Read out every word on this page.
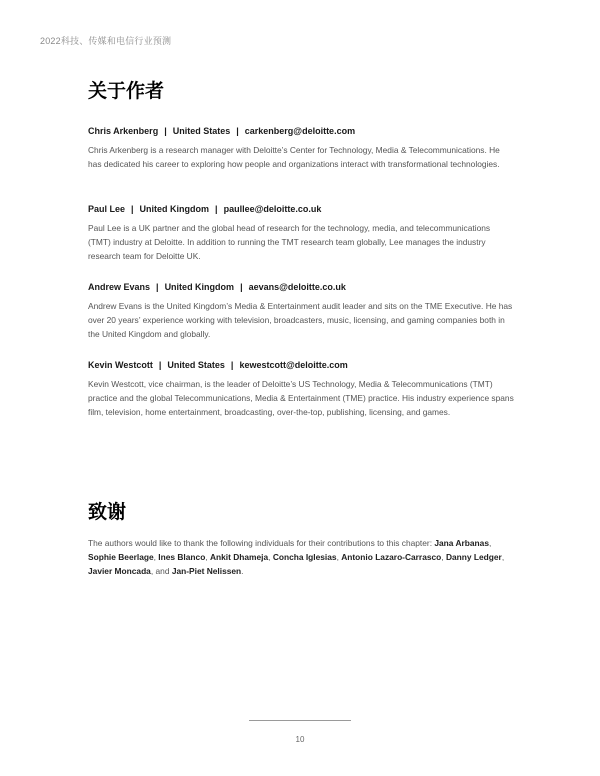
2022科技、传媒和电信行业预测
关于作者
Chris Arkenberg | United States | carkenberg@deloitte.com
Chris Arkenberg is a research manager with Deloitte’s Center for Technology, Media & Telecommunications. He has dedicated his career to exploring how people and organizations interact with transformational technologies.
Paul Lee | United Kingdom | paullee@deloitte.co.uk
Paul Lee is a UK partner and the global head of research for the technology, media, and telecommunications (TMT) industry at Deloitte. In addition to running the TMT research team globally, Lee manages the industry research team for Deloitte UK.
Andrew Evans | United Kingdom | aevans@deloitte.co.uk
Andrew Evans is the United Kingdom’s Media & Entertainment audit leader and sits on the TME Executive. He has over 20 years’ experience working with television, broadcasters, music, licensing, and gaming companies both in the United Kingdom and globally.
Kevin Westcott | United States | kewestcott@deloitte.com
Kevin Westcott, vice chairman, is the leader of Deloitte’s US Technology, Media & Telecommunications (TMT) practice and the global Telecommunications, Media & Entertainment (TME) practice. His industry experience spans film, television, home entertainment, broadcasting, over-the-top, publishing, licensing, and games.
致谢
The authors would like to thank the following individuals for their contributions to this chapter: Jana Arbanas, Sophie Beerlage, Ines Blanco, Ankit Dhameja, Concha Iglesias, Antonio Lazaro-Carrasco, Danny Ledger, Javier Moncada, and Jan-Piet Nelissen.
10
